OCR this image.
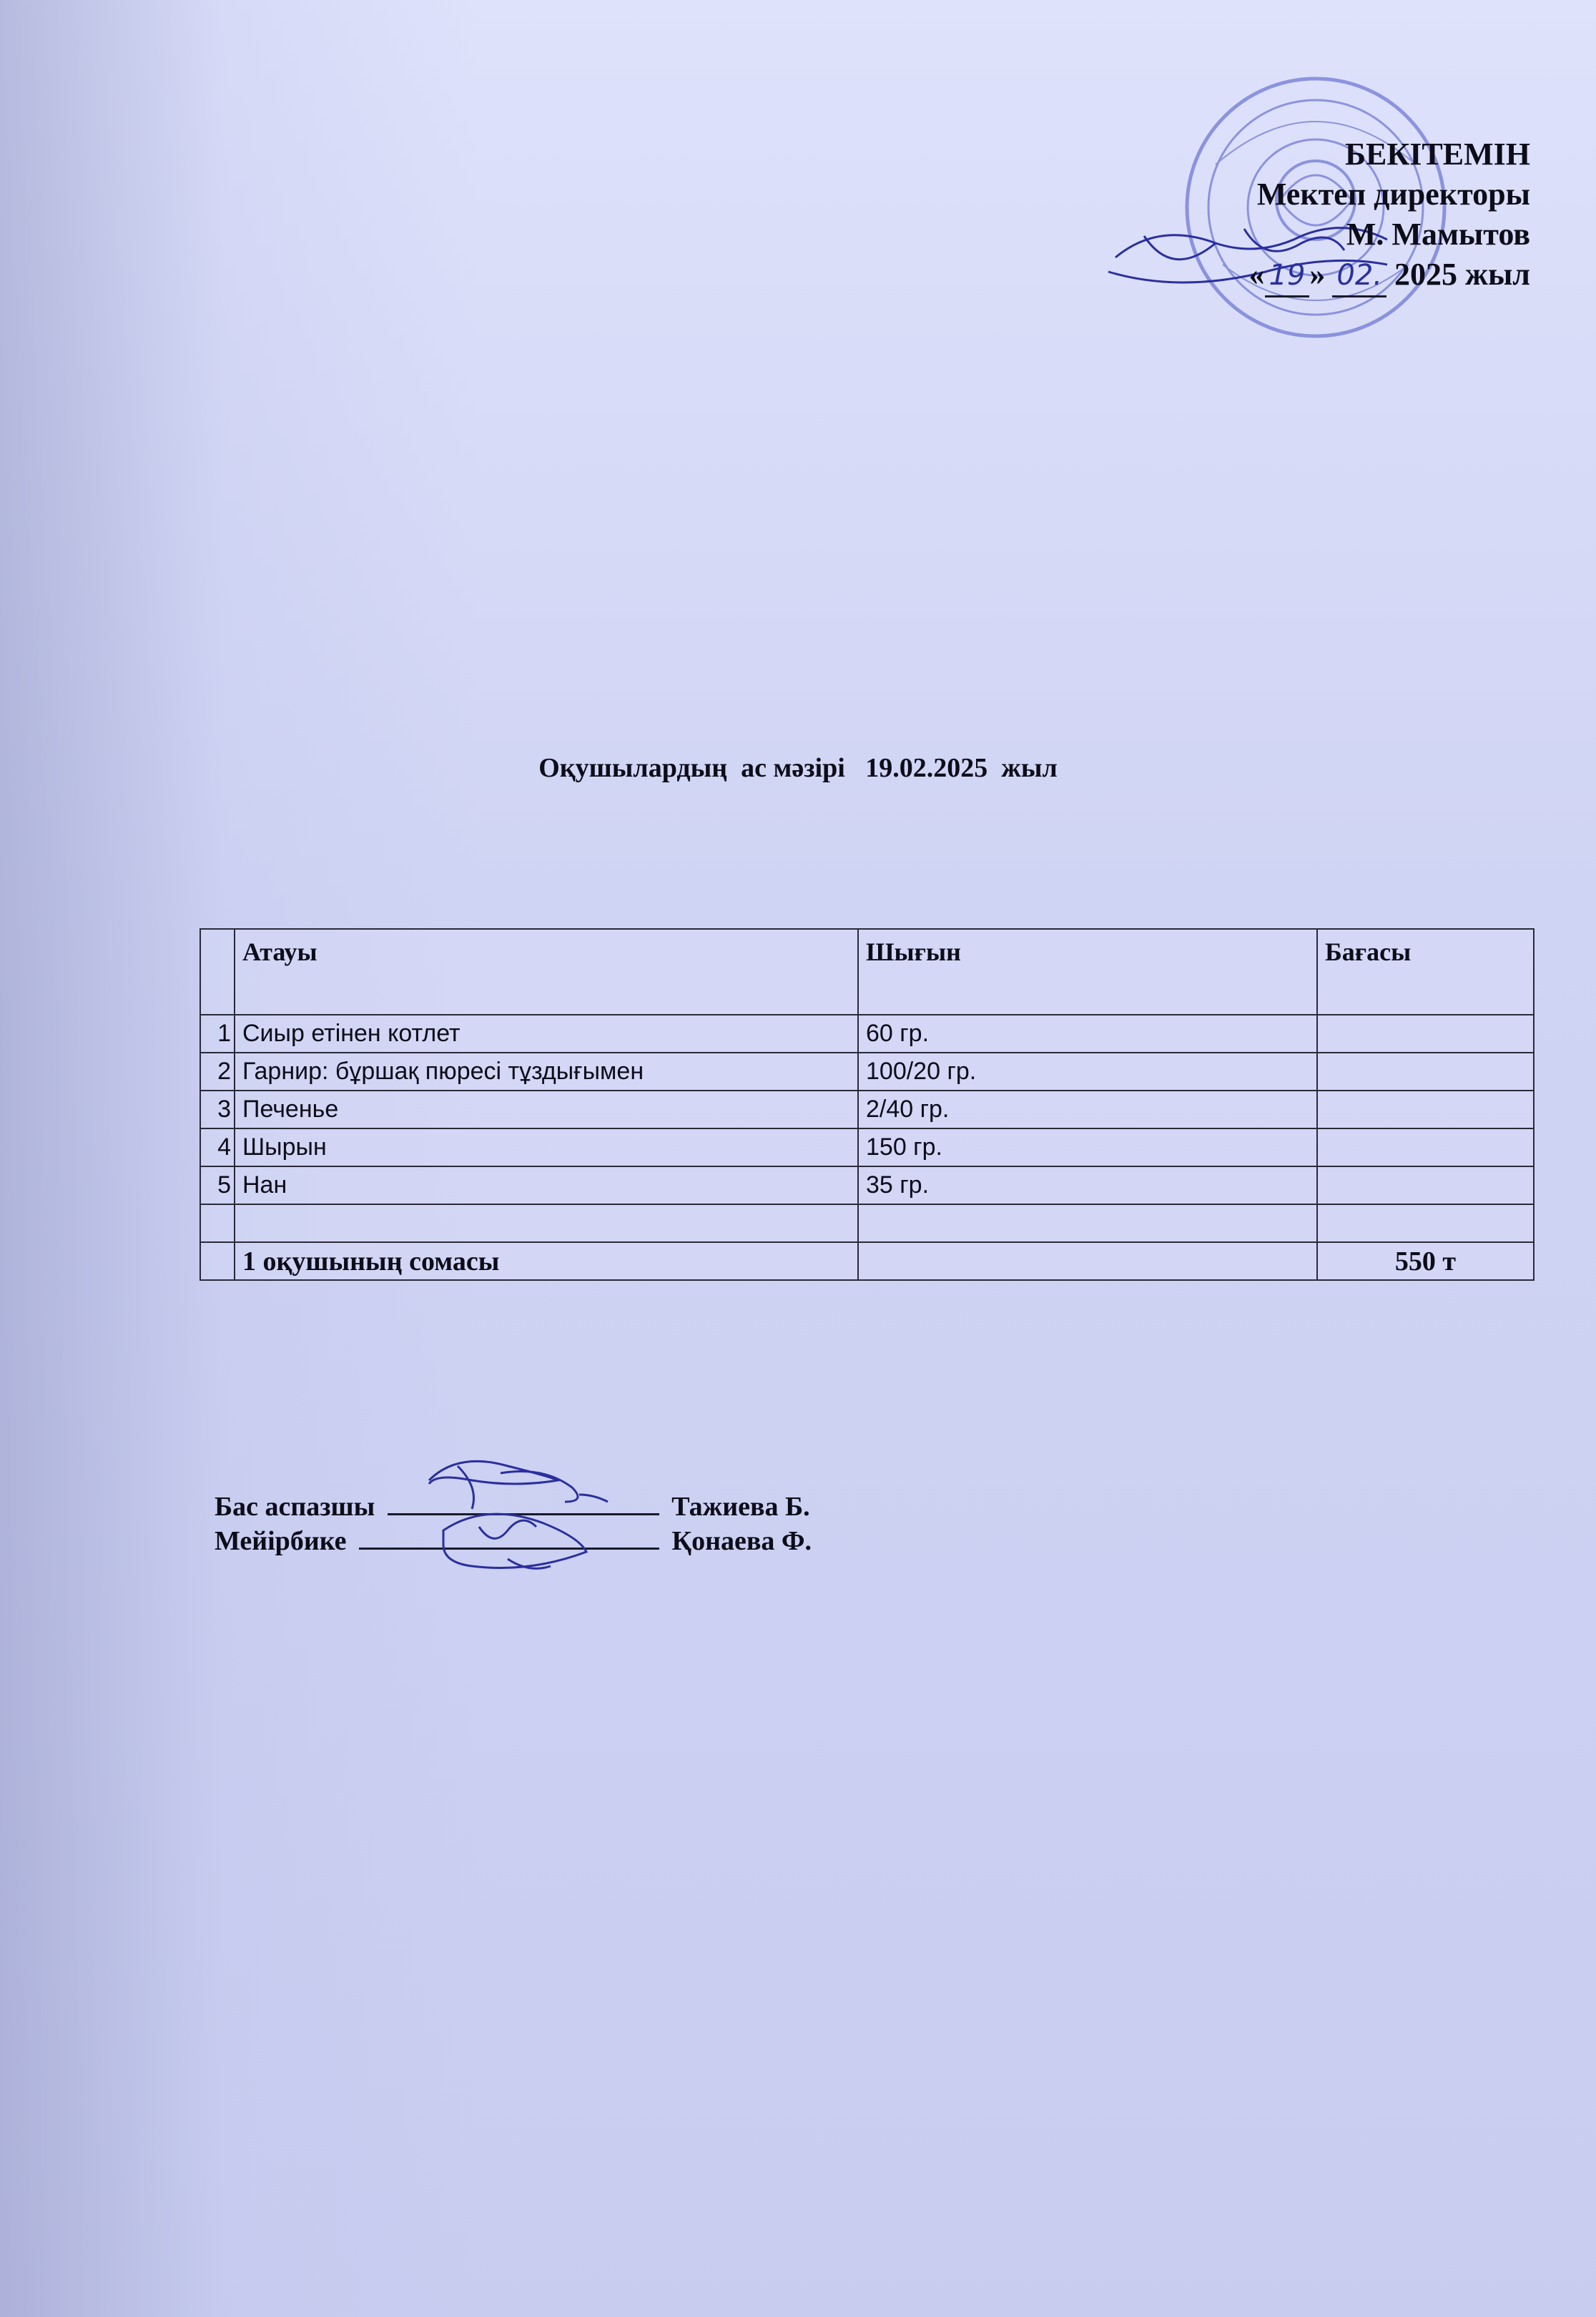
БЕКІТЕМІН
Мектеп директоры
М. Мамытов
« 19 » 02. 2025 жыл
Оқушылардың  ас мәзірі   19.02.2025  жыл
	Атауы	Шығын	Бағасы
1	Сиыр етінен котлет	60 гр.	
2	Гарнир: бұршақ пюресі тұздығымен	100/20 гр.	
3	Печенье	2/40 гр.	
4	Шырын	150 гр.	
5	Нан	35 гр.	

	1 оқушының сомасы		550 т
Бас аспазшы	Тажиева Б.
Мейірбике	Қонаева Ф.
